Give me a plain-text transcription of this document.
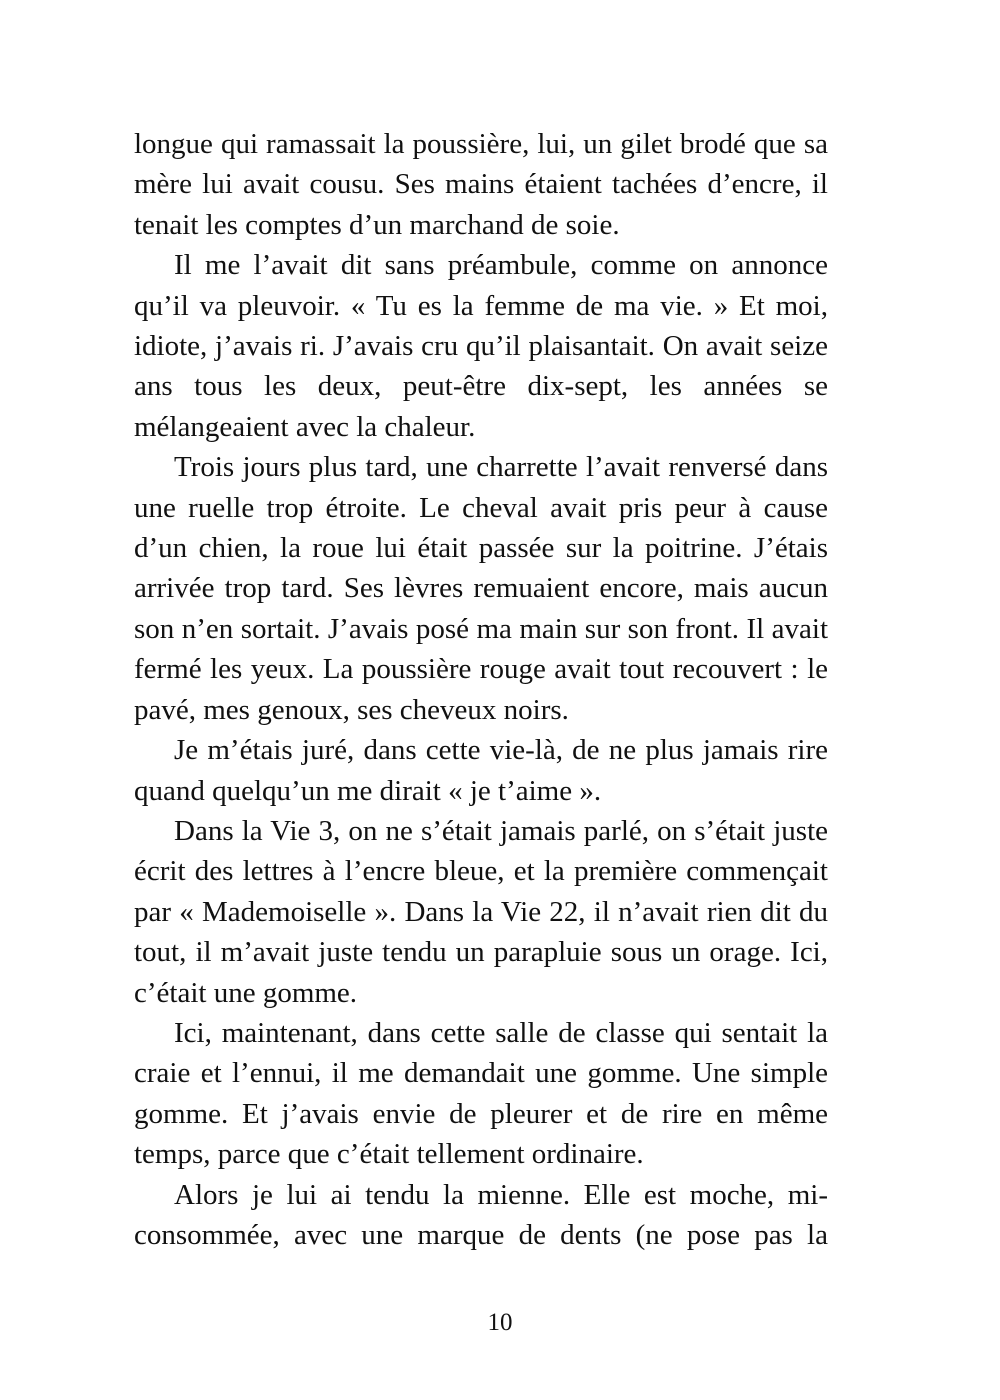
longue qui ramassait la poussière, lui, un gilet brodé que sa mère lui avait cousu. Ses mains étaient tachées d’encre, il tenait les comptes d’un marchand de soie.

Il me l’avait dit sans préambule, comme on annonce qu’il va pleuvoir. « Tu es la femme de ma vie. » Et moi, idiote, j’avais ri. J’avais cru qu’il plaisantait. On avait seize ans tous les deux, peut-être dix-sept, les années se mélangeaient avec la chaleur.

Trois jours plus tard, une charrette l’avait renversé dans une ruelle trop étroite. Le cheval avait pris peur à cause d’un chien, la roue lui était passée sur la poitrine. J’étais arrivée trop tard. Ses lèvres remuaient encore, mais aucun son n’en sortait. J’avais posé ma main sur son front. Il avait fermé les yeux. La poussière rouge avait tout recouvert : le pavé, mes genoux, ses cheveux noirs.

Je m’étais juré, dans cette vie-là, de ne plus jamais rire quand quelqu’un me dirait « je t’aime ».

Dans la Vie 3, on ne s’était jamais parlé, on s’était juste écrit des lettres à l’encre bleue, et la première commençait par « Mademoiselle ». Dans la Vie 22, il n’avait rien dit du tout, il m’avait juste tendu un parapluie sous un orage. Ici, c’était une gomme.

Ici, maintenant, dans cette salle de classe qui sentait la craie et l’ennui, il me demandait une gomme. Une simple gomme. Et j’avais envie de pleurer et de rire en même temps, parce que c’était tellement ordinaire.

Alors je lui ai tendu la mienne. Elle est moche, mi-consommée, avec une marque de dents (ne pose pas la

10
